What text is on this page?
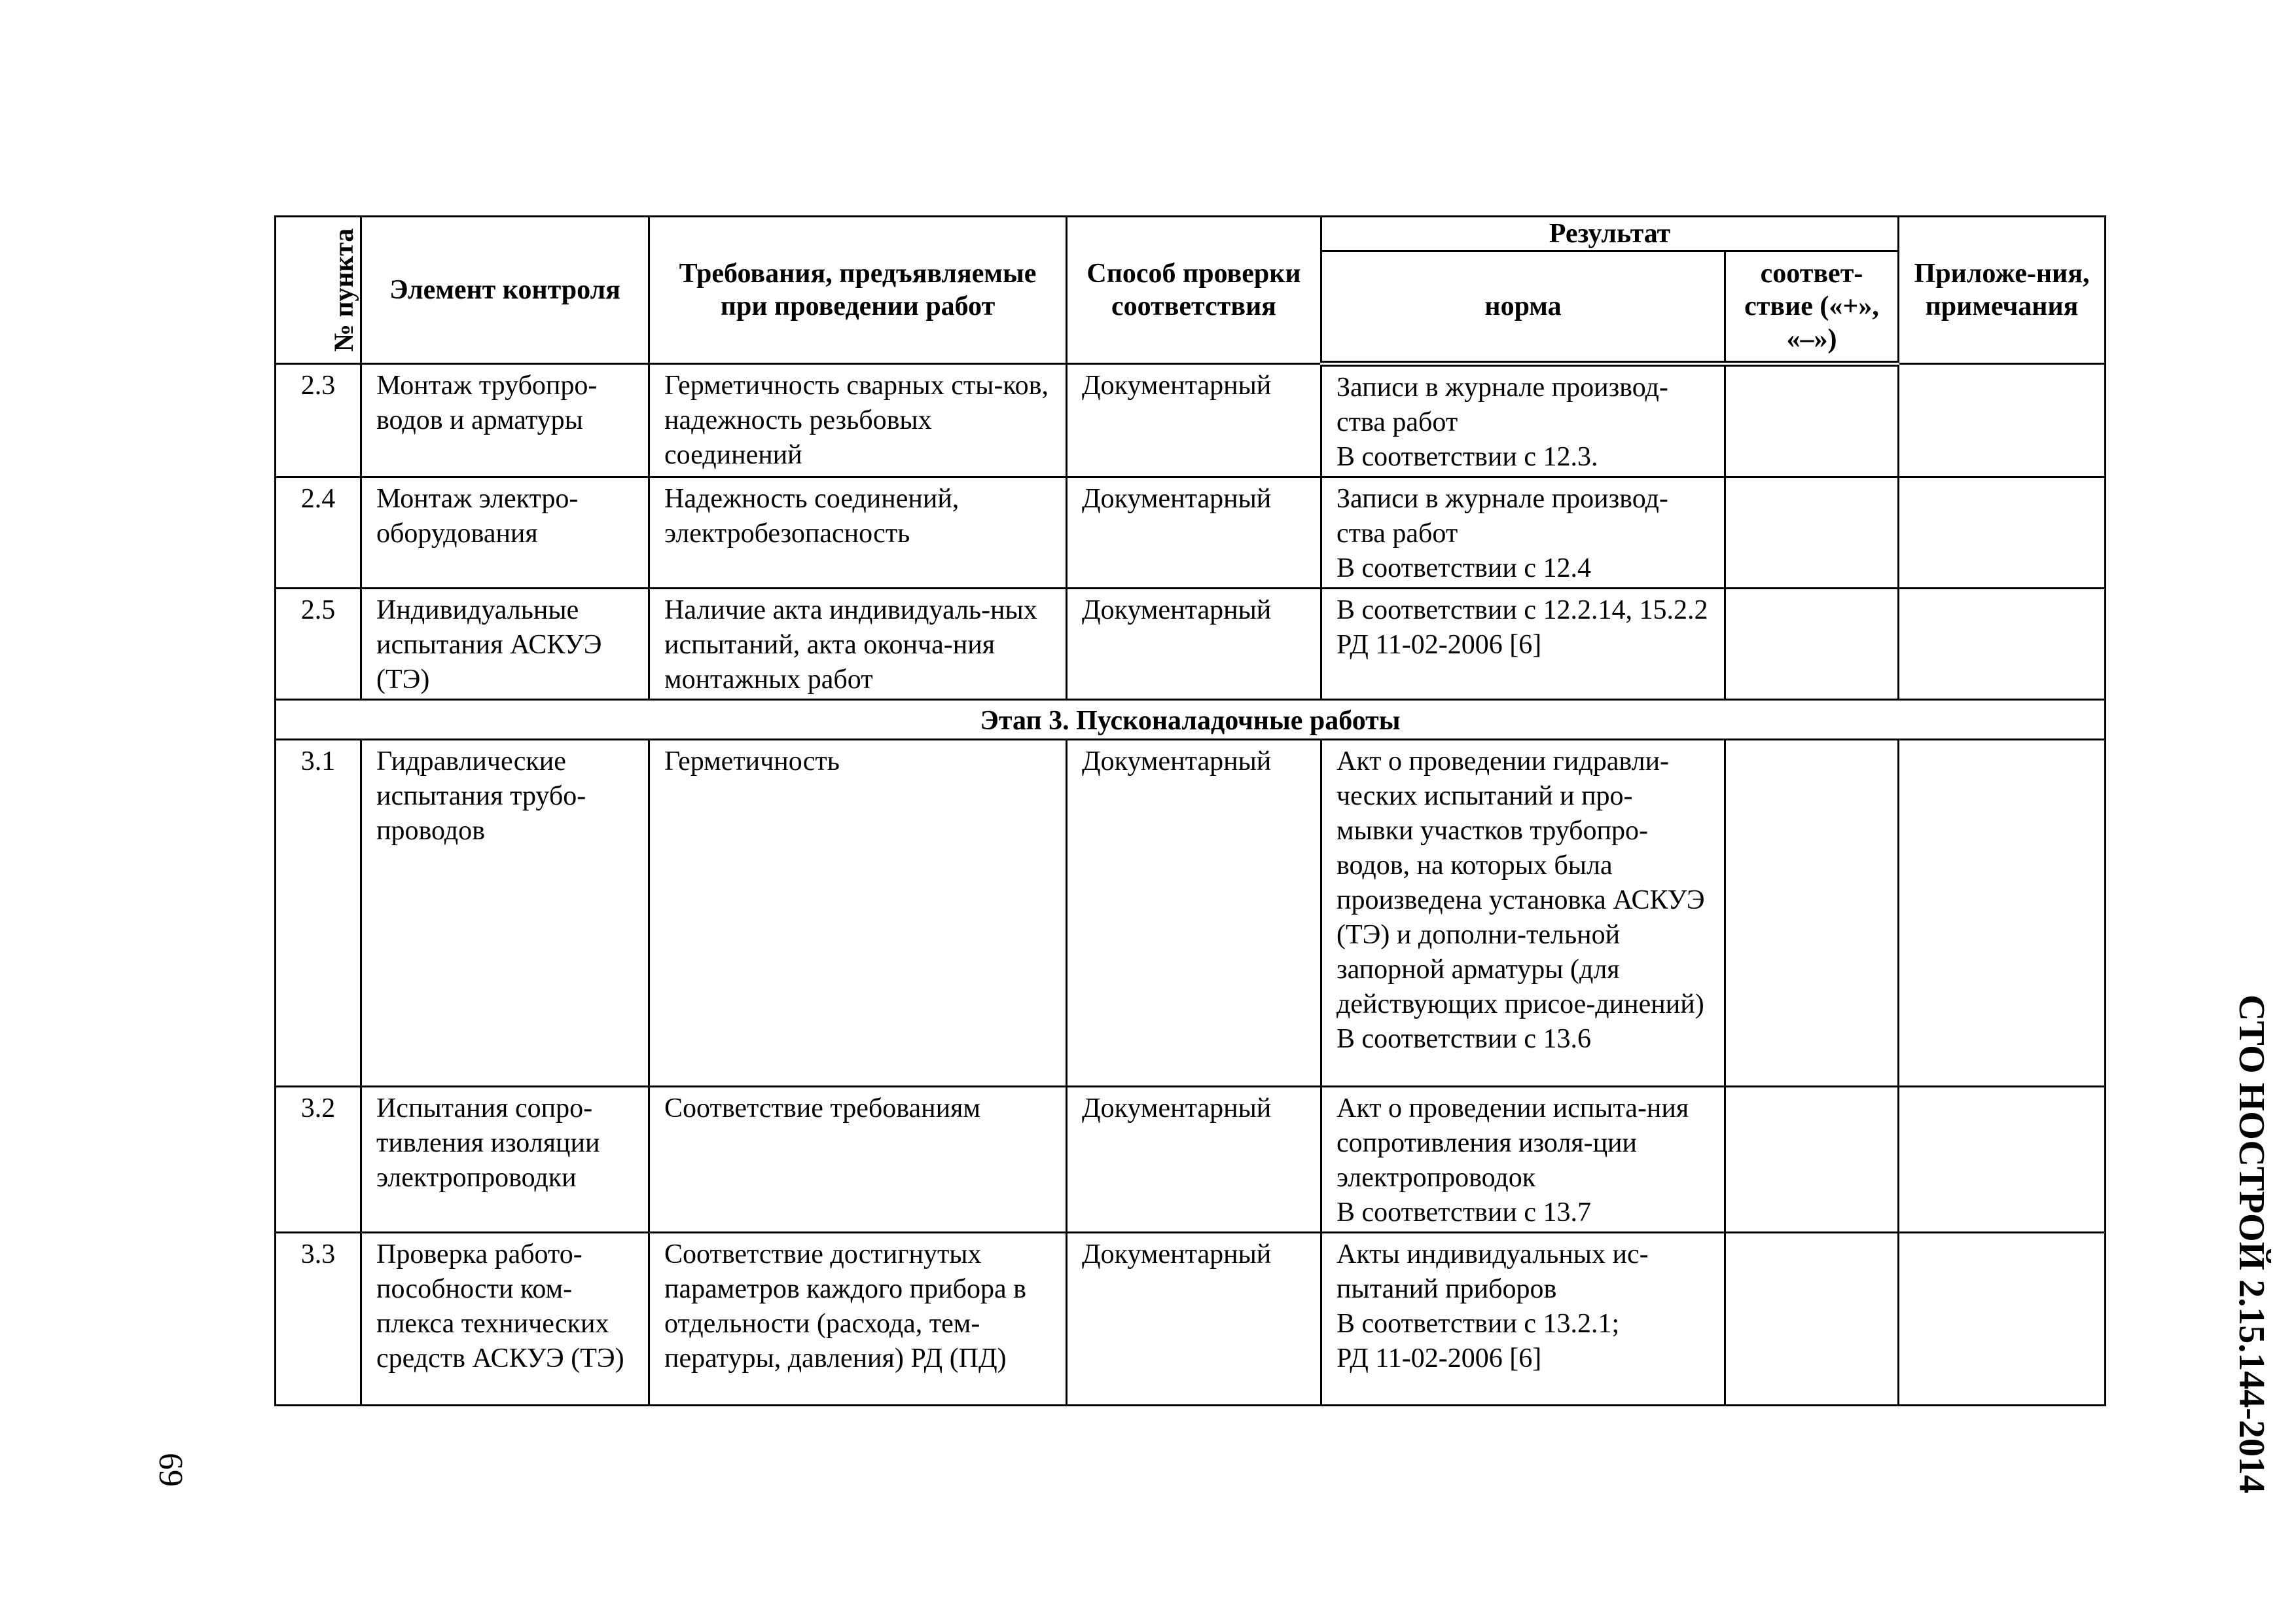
№ пункта	Элемент контроля	Требования, предъявляемые при проведении работ	Способ проверки соответствия	Результат		Приложе-ния, примечания
				норма	соответ-ствие («+», «–»)	
2.3	Монтаж трубопро-водов и арматуры	Герметичность сварных сты-ков, надежность резьбовых соединений	Документарный	Записи в журнале производ-ства работ
В соответствии с 12.3.		

2.4	Монтаж электро-оборудования	Надежность соединений, электробезопасность	Документарный	Записи в журнале производ-ства работ
В соответствии с 12.4		

2.5	Индивидуальные испытания АСКУЭ (ТЭ)	Наличие акта индивидуаль-ных испытаний, акта оконча-ния монтажных работ	Документарный	В соответствии с 12.2.14, 15.2.2 РД 11-02-2006 [6]		

Этап 3. Пусконаладочные работы						
3.1	Гидравлические испытания трубо-проводов	Герметичность	Документарный	Акт о проведении гидравли-ческих испытаний и про-мывки участков трубопро-водов, на которых была произведена установка АСКУЭ (ТЭ) и дополни-тельной запорной арматуры (для действующих присое-динений)
В соответствии с 13.6		

3.2	Испытания сопро-тивления изоляции электропроводки	Соответствие требованиям	Документарный	Акт о проведении испыта-ния сопротивления изоля-ции электропроводок
В соответствии с 13.7		

3.3	Проверка работо-пособности ком-плекса технических средств АСКУЭ (ТЭ)	Соответствие достигнутых параметров каждого прибора в отдельности (расхода, тем-пературы, давления) РД (ПД)	Документарный	Акты индивидуальных ис-пытаний приборов
В соответствии с 13.2.1;
РД 11-02-2006 [6]		

69	СТО НОСТРОЙ 2.15.144-2014
